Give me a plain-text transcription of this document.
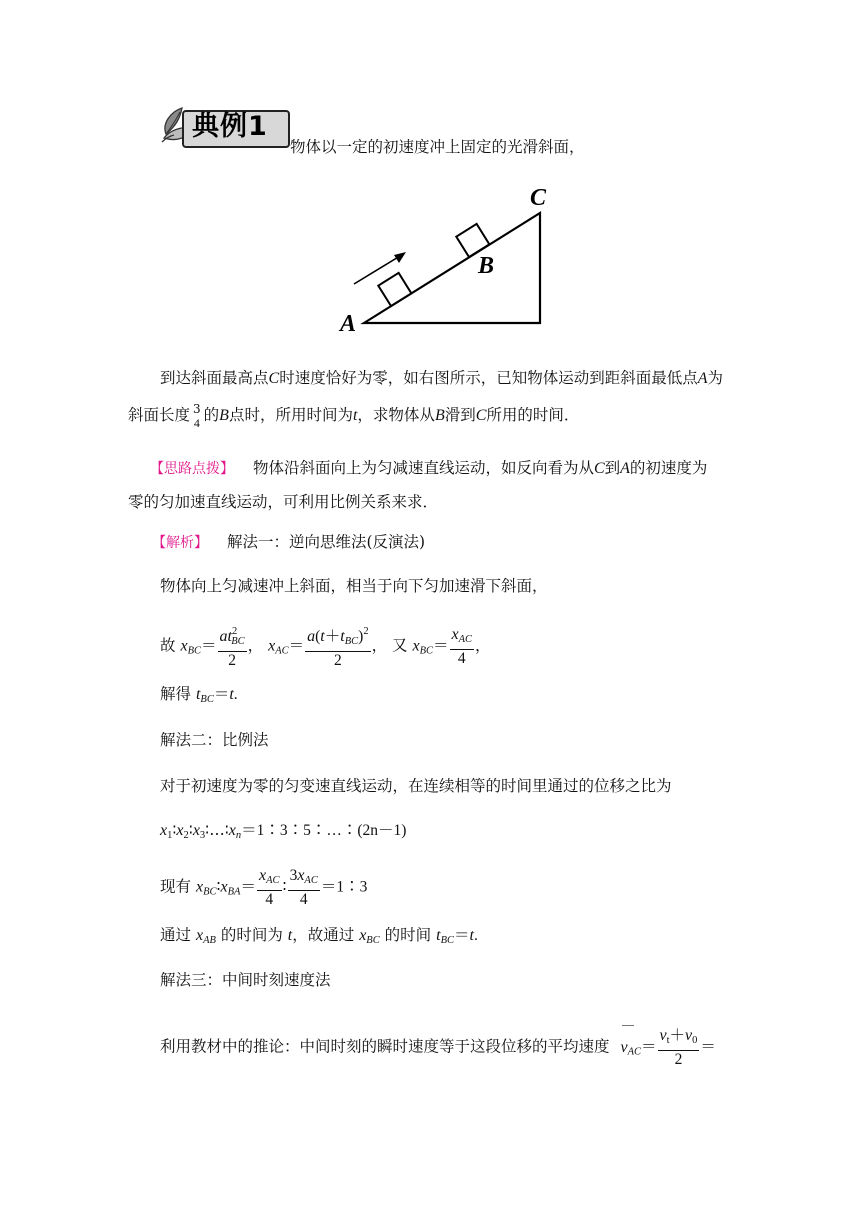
典例1
物体以一定的初速度冲上固定的光滑斜面，
A
B
C
到达斜面最高点C时速度恰好为零，如右图所示，已知物体运动到距斜面最低点A为
斜面长度 3
4 的B点时，所用时间为t，求物体从B滑到C所用的时间．
【思路点拨】 物体沿斜面向上为匀减速直线运动，如反向看为从C到A的初速度为
零的匀加速直线运动，可利用比例关系来求．
【解析】 解法一：逆向思维法(反演法)
物体向上匀减速冲上斜面，相当于向下匀加速滑下斜面，
故 $x_{BC}= \frac{at^2_{BC}}{2}$ ， $x_{AC}= \frac{a(t+t_{BC})^2}{2}$ ， 又 $x_{BC}= \frac{x_{AC}}{4}$ ，
解得 $t_{BC}=t$.
解法二：比例法
对于初速度为零的匀变速直线运动，在连续相等的时间里通过的位移之比为
$x_1∶x_2∶x_3∶\dots∶x_n=1∶3∶5∶\dots∶(2n-1)$
现有 $x_{BC}∶x_{BA}= \frac{x_{AC}}{4}$ ∶ $\frac{3x_{AC}}{4}$ ＝1∶3
通过 $x_{AB}$ 的时间为 t，故通过 $x_{BC}$ 的时间 $t_{BC}=t$.
解法三：中间时刻速度法
利用教材中的推论：中间时刻的瞬时速度等于这段位移的平均速度 $v_{AC}= \frac{v_t+v_0}{2}$ ＝
